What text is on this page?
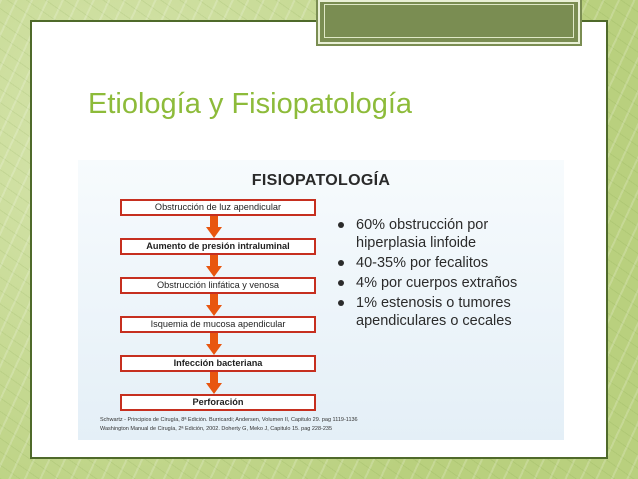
Etiología y Fisiopatología
FISIOPATOLOGÍA
Obstrucción de luz apendicular
Aumento de presión intraluminal
Obstrucción linfática y venosa
Isquemia de mucosa apendicular
Infección bacteriana
Perforación
60% obstrucción por hiperplasia linfoide
40-35% por fecalitos
4% por cuerpos extraños
1% estenosis o tumores apendiculares o cecales
Schwartz - Principios de Cirugía, 8ª Edición. Burricardi; Andersen, Volumen II, Capitulo 29. pag 1119-1136
Washington Manual de Cirugía, 2ª Edición, 2002. Doherty G, Meko J, Capitulo 15. pag 228-235
